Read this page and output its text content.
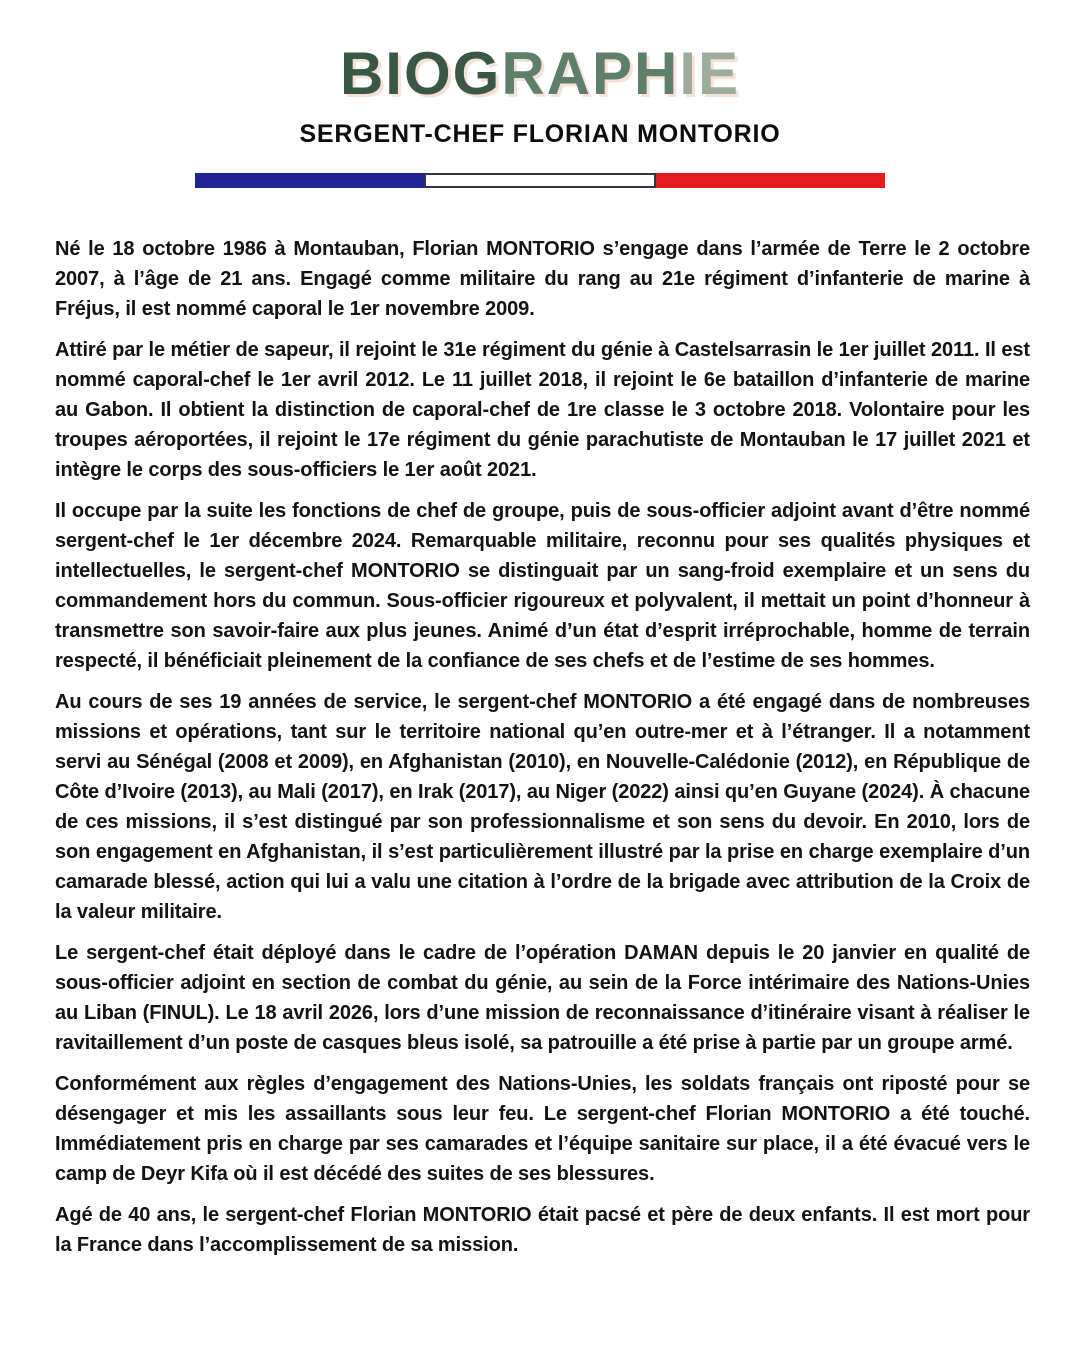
BIOGRAPHIE
SERGENT-CHEF FLORIAN MONTORIO

Né le 18 octobre 1986 à Montauban, Florian MONTORIO s’engage dans l’armée de Terre le 2 octobre 2007, à l’âge de 21 ans. Engagé comme militaire du rang au 21e régiment d’infanterie de marine à Fréjus, il est nommé caporal le 1er novembre 2009.

Attiré par le métier de sapeur, il rejoint le 31e régiment du génie à Castelsarrasin le 1er juillet 2011. Il est nommé caporal-chef le 1er avril 2012. Le 11 juillet 2018, il rejoint le 6e bataillon d’infanterie de marine au Gabon. Il obtient la distinction de caporal-chef de 1re classe le 3 octobre 2018. Volontaire pour les troupes aéroportées, il rejoint le 17e régiment du génie parachutiste de Montauban le 17 juillet 2021 et intègre le corps des sous-officiers le 1er août 2021.

Il occupe par la suite les fonctions de chef de groupe, puis de sous-officier adjoint avant d’être nommé sergent-chef le 1er décembre 2024. Remarquable militaire, reconnu pour ses qualités physiques et intellectuelles, le sergent-chef MONTORIO se distinguait par un sang-froid exemplaire et un sens du commandement hors du commun. Sous-officier rigoureux et polyvalent, il mettait un point d’honneur à transmettre son savoir-faire aux plus jeunes. Animé d’un état d’esprit irréprochable, homme de terrain respecté, il bénéficiait pleinement de la confiance de ses chefs et de l’estime de ses hommes.

Au cours de ses 19 années de service, le sergent-chef MONTORIO a été engagé dans de nombreuses missions et opérations, tant sur le territoire national qu’en outre-mer et à l’étranger. Il a notamment servi au Sénégal (2008 et 2009), en Afghanistan (2010), en Nouvelle-Calédonie (2012), en République de Côte d’Ivoire (2013), au Mali (2017), en Irak (2017), au Niger (2022) ainsi qu’en Guyane (2024). À chacune de ces missions, il s’est distingué par son professionnalisme et son sens du devoir. En 2010, lors de son engagement en Afghanistan, il s’est particulièrement illustré par la prise en charge exemplaire d’un camarade blessé, action qui lui a valu une citation à l’ordre de la brigade avec attribution de la Croix de la valeur militaire.

Le sergent-chef était déployé dans le cadre de l’opération DAMAN depuis le 20 janvier en qualité de sous-officier adjoint en section de combat du génie, au sein de la Force intérimaire des Nations-Unies au Liban (FINUL). Le 18 avril 2026, lors d’une mission de reconnaissance d’itinéraire visant à réaliser le ravitaillement d’un poste de casques bleus isolé, sa patrouille a été prise à partie par un groupe armé.

Conformément aux règles d’engagement des Nations-Unies, les soldats français ont riposté pour se désengager et mis les assaillants sous leur feu. Le sergent-chef Florian MONTORIO a été touché. Immédiatement pris en charge par ses camarades et l’équipe sanitaire sur place, il a été évacué vers le camp de Deyr Kifa où il est décédé des suites de ses blessures.

Agé de 40 ans, le sergent-chef Florian MONTORIO était pacsé et père de deux enfants. Il est mort pour la France dans l’accomplissement de sa mission.
